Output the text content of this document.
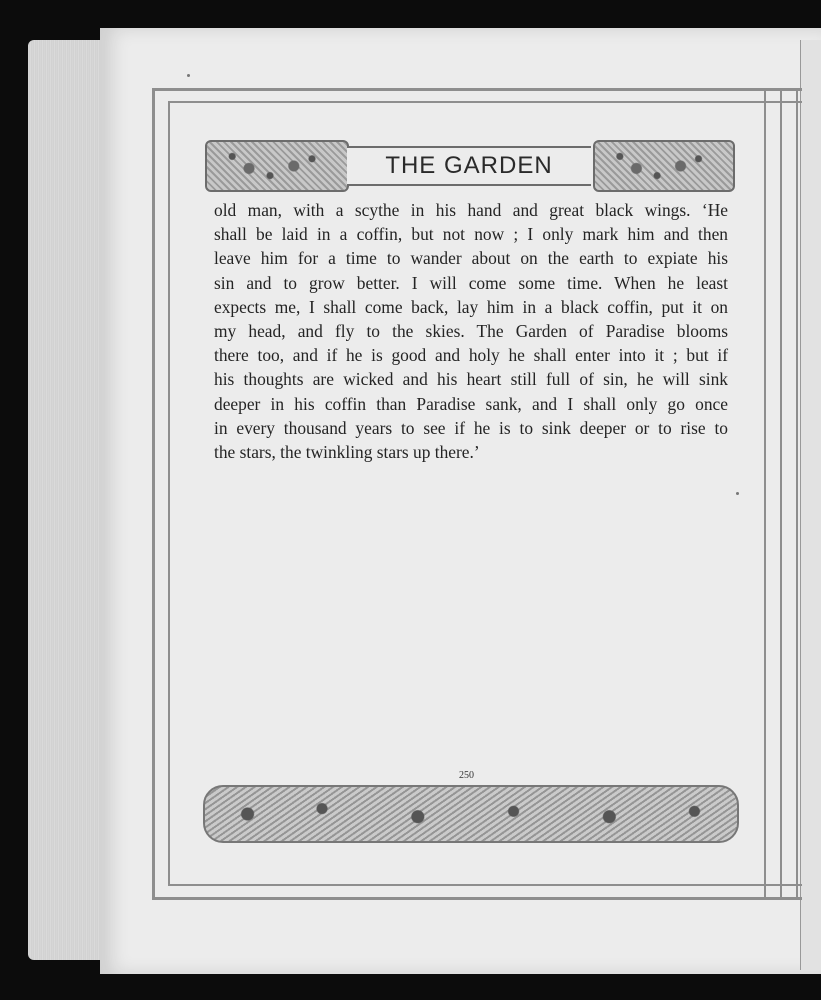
THE GARDEN

old man, with a scythe in his hand and great black wings. ‘He
shall be laid in a coffin, but not now ; I only mark him and then
leave him for a time to wander about on the earth to expiate his
sin and to grow better. I will come some time. When he least
expects me, I shall come back, lay him in a black coffin, put it on
my head, and fly to the skies. The Garden of Paradise blooms
there too, and if he is good and holy he shall enter into it ; but if
his thoughts are wicked and his heart still full of sin, he will sink
deeper in his coffin than Paradise sank, and I shall only go once
in every thousand years to see if he is to sink deeper or to rise to
the stars, the twinkling stars up there.’

250
